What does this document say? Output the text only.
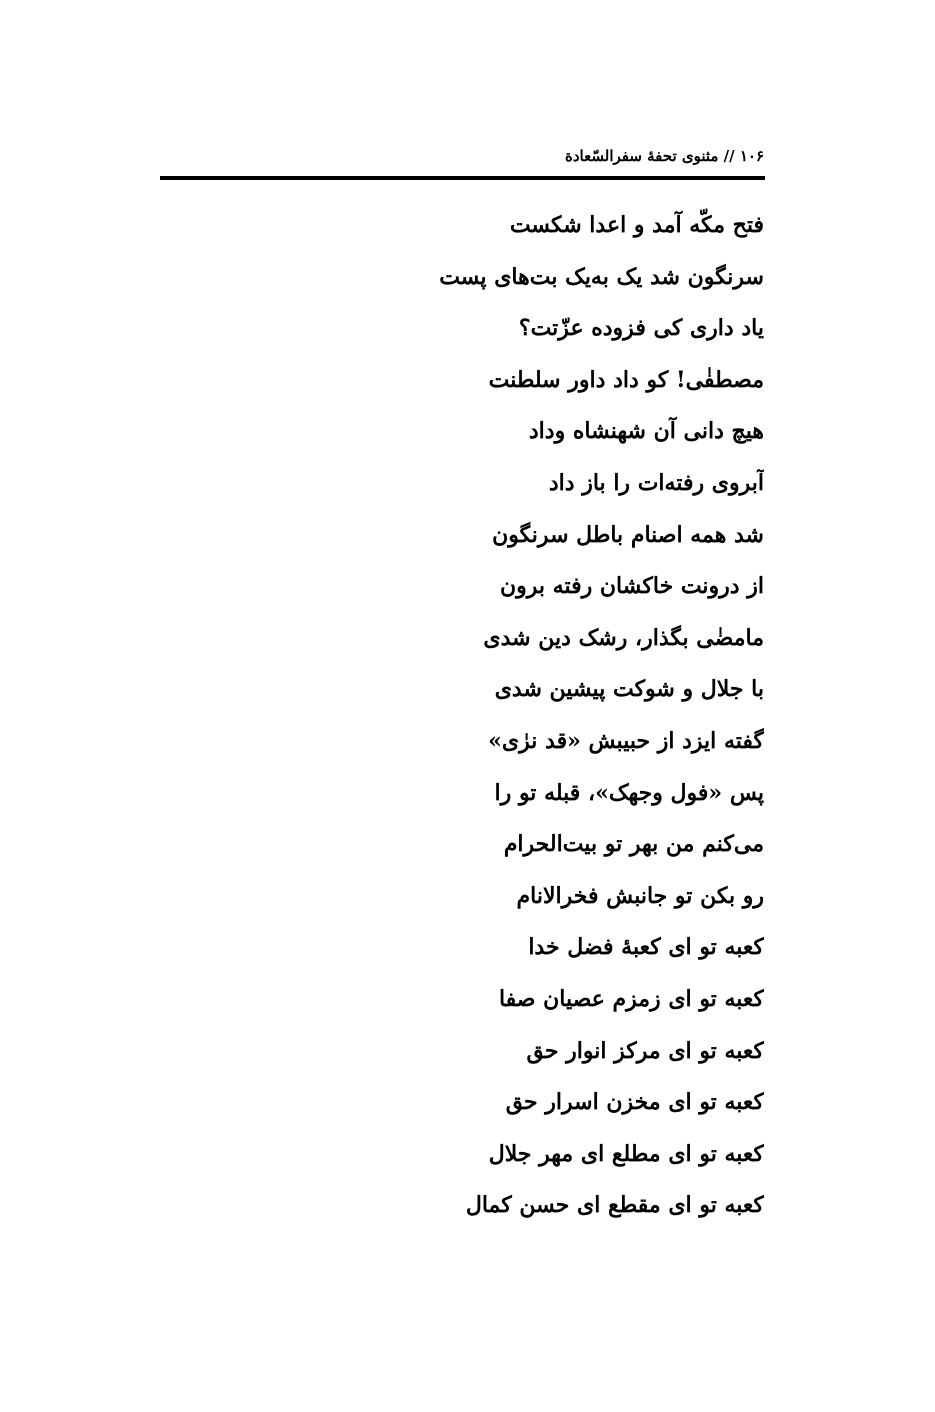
۱۰۶ // مثنوی تحفۀ سفرالسّعادة
فتح مکّه آمد و اعدا شکست
سرنگون شد یک به‌یک بت‌های پست
یاد داری کی فزوده عزّتت؟
مصطفٰی! کو داد داور سلطنت
هیچ دانی آن شهنشاه وداد
آبروی رفته‌ات را باز داد
شد همه اصنام باطل سرنگون
از درونت خاکشان رفته برون
مامضٰی بگذار، رشک دین شدی
با جلال و شوکت پیشین شدی
گفته ایزد از حبیبش «قد نرٰی»
پس «فول وجهک»، قبله تو را
می‌کنم من بهر تو بیت‌الحرام
رو بکن تو جانبش فخرالانام
کعبه تو ای کعبۀ فضل خدا
کعبه تو ای زمزم عصیان صفا
کعبه تو ای مرکز انوار حق
کعبه تو ای مخزن اسرار حق
کعبه تو ای مطلع ای مهر جلال
کعبه تو ای مقطع ای حسن کمال
